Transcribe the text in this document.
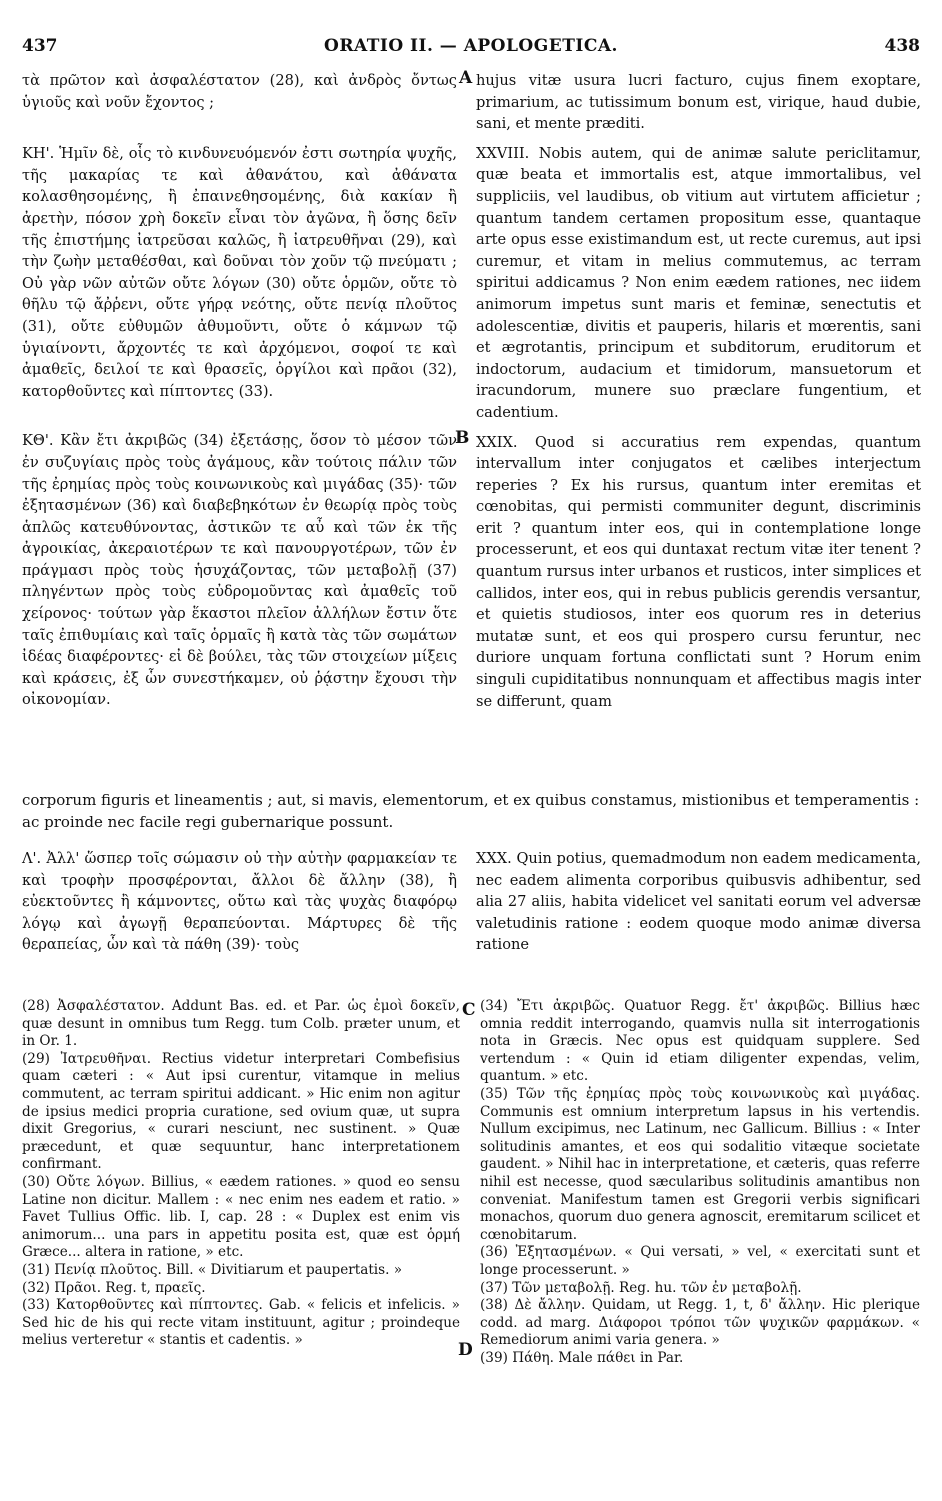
437	ORATIO II. — APOLOGETICA.	438
A
B
C
D

τὰ πρῶτον καὶ ἀσφαλέστατον (28), καὶ ἀνδρὸς ὄντως ὑγιοῦς καὶ νοῦν ἔχοντος ;

ΚΗ'. Ἡμῖν δὲ, οἷς τὸ κινδυνευόμενόν ἐστι σωτηρία ψυχῆς, τῆς μακαρίας τε καὶ ἀθανάτου, καὶ ἀθάνατα κολασθησομένης, ἢ ἐπαινεθησομένης, διὰ κακίαν ἢ ἀρετὴν, πόσον χρὴ δοκεῖν εἶναι τὸν ἀγῶνα, ἢ ὅσης δεῖν τῆς ἐπιστήμης ἰατρεῦσαι καλῶς, ἢ ἰατρευθῆναι (29), καὶ τὴν ζωὴν μεταθέσθαι, καὶ δοῦναι τὸν χοῦν τῷ πνεύματι ; Οὐ γὰρ νῶν αὐτῶν οὔτε λόγων (30) οὔτε ὁρμῶν, οὔτε τὸ θῆλυ τῷ ἄῤῥενι, οὔτε γήρᾳ νεότης, οὔτε πενίᾳ πλοῦτος (31), οὔτε εὐθυμῶν ἀθυμοῦντι, οὔτε ὁ κάμνων τῷ ὑγιαίνοντι, ἄρχοντές τε καὶ ἀρχόμενοι, σοφοί τε καὶ ἀμαθεῖς, δειλοί τε καὶ θρασεῖς, ὀργίλοι καὶ πρᾶοι (32), κατορθοῦντες καὶ πίπτοντες (33).

ΚΘ'. Κἂν ἔτι ἀκριβῶς (34) ἐξετάσῃς, ὅσον τὸ μέσον τῶν ἐν συζυγίαις πρὸς τοὺς ἀγάμους, κἂν τούτοις πάλιν τῶν τῆς ἐρημίας πρὸς τοὺς κοινωνικοὺς καὶ μιγάδας (35)· τῶν ἐξητασμένων (36) καὶ διαβεβηκότων ἐν θεωρίᾳ πρὸς τοὺς ἁπλῶς κατευθύνοντας, ἀστικῶν τε αὖ καὶ τῶν ἐκ τῆς ἀγροικίας, ἀκεραιοτέρων τε καὶ πανουργοτέρων, τῶν ἐν πράγμασι πρὸς τοὺς ἡσυχάζοντας, τῶν μεταβολῇ (37) πληγέντων πρὸς τοὺς εὐδρομοῦντας καὶ ἀμαθεῖς τοῦ χείρονος· τούτων γὰρ ἕκαστοι πλεῖον ἀλλήλων ἔστιν ὅτε ταῖς ἐπιθυμίαις καὶ ταῖς ὁρμαῖς ἢ κατὰ τὰς τῶν σωμάτων ἰδέας διαφέροντες· εἰ δὲ βούλει, τὰς τῶν στοιχείων μίξεις καὶ κράσεις, ἐξ ὧν συνεστήκαμεν, οὐ ῥᾴστην ἔχουσι τὴν οἰκονομίαν.

hujus vitæ usura lucri facturo, cujus finem exoptare, primarium, ac tutissimum bonum est, virique, haud dubie, sani, et mente præditi.

XXVIII. Nobis autem, qui de animæ salute periclitamur, quæ beata et immortalis est, atque immortalibus, vel suppliciis, vel laudibus, ob vitium aut virtutem afficietur ; quantum tandem certamen propositum esse, quantaque arte opus esse existimandum est, ut recte curemus, aut ipsi curemur, et vitam in melius commutemus, ac terram spiritui addicamus ? Non enim eædem rationes, nec iidem animorum impetus sunt maris et feminæ, senectutis et adolescentiæ, divitis et pauperis, hilaris et mœrentis, sani et ægrotantis, principum et subditorum, eruditorum et indoctorum, audacium et timidorum, mansuetorum et iracundorum, munere suo præclare fungentium, et cadentium.

XXIX. Quod si accuratius rem expendas, quantum intervallum inter conjugatos et cælibes interjectum reperies ? Ex his rursus, quantum inter eremitas et cœnobitas, qui permisti communiter degunt, discriminis erit ? quantum inter eos, qui in contemplatione longe processerunt, et eos qui duntaxat rectum vitæ iter tenent ? quantum rursus inter urbanos et rusticos, inter simplices et callidos, inter eos, qui in rebus publicis gerendis versantur, et quietis studiosos, inter eos quorum res in deterius mutatæ sunt, et eos qui prospero cursu feruntur, nec duriore unquam fortuna conflictati sunt ? Horum enim singuli cupiditatibus nonnunquam et affectibus magis inter se differunt, quam

corporum figuris et lineamentis ; aut, si mavis, elementorum, et ex quibus constamus, mistionibus et temperamentis : ac proinde nec facile regi gubernarique possunt.

Λ'. Ἀλλ' ὥσπερ τοῖς σώμασιν οὐ τὴν αὐτὴν φαρμακείαν τε καὶ τροφὴν προσφέρονται, ἄλλοι δὲ ἄλλην (38), ἢ εὐεκτοῦντες ἢ κάμνοντες, οὕτω καὶ τὰς ψυχὰς διαφόρῳ λόγῳ καὶ ἀγωγῇ θεραπεύονται. Μάρτυρες δὲ τῆς θεραπείας, ὧν καὶ τὰ πάθη (39)· τοὺς

XXX. Quin potius, quemadmodum non eadem medicamenta, nec eadem alimenta corporibus quibusvis adhibentur, sed alia 27 aliis, habita videlicet vel sanitati eorum vel adversæ valetudinis ratione : eodem quoque modo animæ diversa ratione

(28) Ἀσφαλέστατον. Addunt Bas. ed. et Par. ὡς ἐμοὶ δοκεῖν, quæ desunt in omnibus tum Regg. tum Colb. præter unum, et in Or. 1.

(29) Ἰατρευθῆναι. Rectius videtur interpretari Combefisius quam cæteri : « Aut ipsi curentur, vitamque in melius commutent, ac terram spiritui addicant. » Hic enim non agitur de ipsius medici propria curatione, sed ovium quæ, ut supra dixit Gregorius, « curari nesciunt, nec sustinent. » Quæ præcedunt, et quæ sequuntur, hanc interpretationem confirmant.

(30) Οὔτε λόγων. Billius, « eædem rationes. » quod eo sensu Latine non dicitur. Mallem : « nec enim nes eadem et ratio. » Favet Tullius Offic. lib. I, cap. 28 : « Duplex est enim vis animorum... una pars in appetitu posita est, quæ est ὁρμή Græce... altera in ratione, » etc.

(31) Πενίᾳ πλοῦτος. Bill. « Divitiarum et paupertatis. »

(32) Πρᾶοι. Reg. t, πραεῖς.

(33) Κατορθοῦντες καὶ πίπτοντες. Gab. « felicis et infelicis. » Sed hic de his qui recte vitam instituunt, agitur ; proindeque melius verteretur « stantis et cadentis. »

(34) Ἔτι ἀκριβῶς. Quatuor Regg. ἔτ' ἀκριβῶς. Billius hæc omnia reddit interrogando, quamvis nulla sit interrogationis nota in Græcis. Nec opus est quidquam supplere. Sed vertendum : « Quin id etiam diligenter expendas, velim, quantum. » etc.

(35) Τῶν τῆς ἐρημίας πρὸς τοὺς κοινωνικοὺς καὶ μιγάδας. Communis est omnium interpretum lapsus in his vertendis. Nullum excipimus, nec Latinum, nec Gallicum. Billius : « Inter solitudinis amantes, et eos qui sodalitio vitæque societate gaudent. » Nihil hac in interpretatione, et cæteris, quas referre nihil est necesse, quod sæcularibus solitudinis amantibus non conveniat. Manifestum tamen est Gregorii verbis significari monachos, quorum duo genera agnoscit, eremitarum scilicet et cœnobitarum.

(36) Ἐξητασμένων. « Qui versati, » vel, « exercitati sunt et longe processerunt. »

(37) Τῶν μεταβολῇ. Reg. hu. τῶν ἐν μεταβολῇ.

(38) Δὲ ἄλλην. Quidam, ut Regg. 1, t, δ' ἄλλην. Hic plerique codd. ad marg. Διάφοροι τρόποι τῶν ψυχικῶν φαρμάκων. « Remediorum animi varia genera. »

(39) Πάθη. Male πάθει in Par.
